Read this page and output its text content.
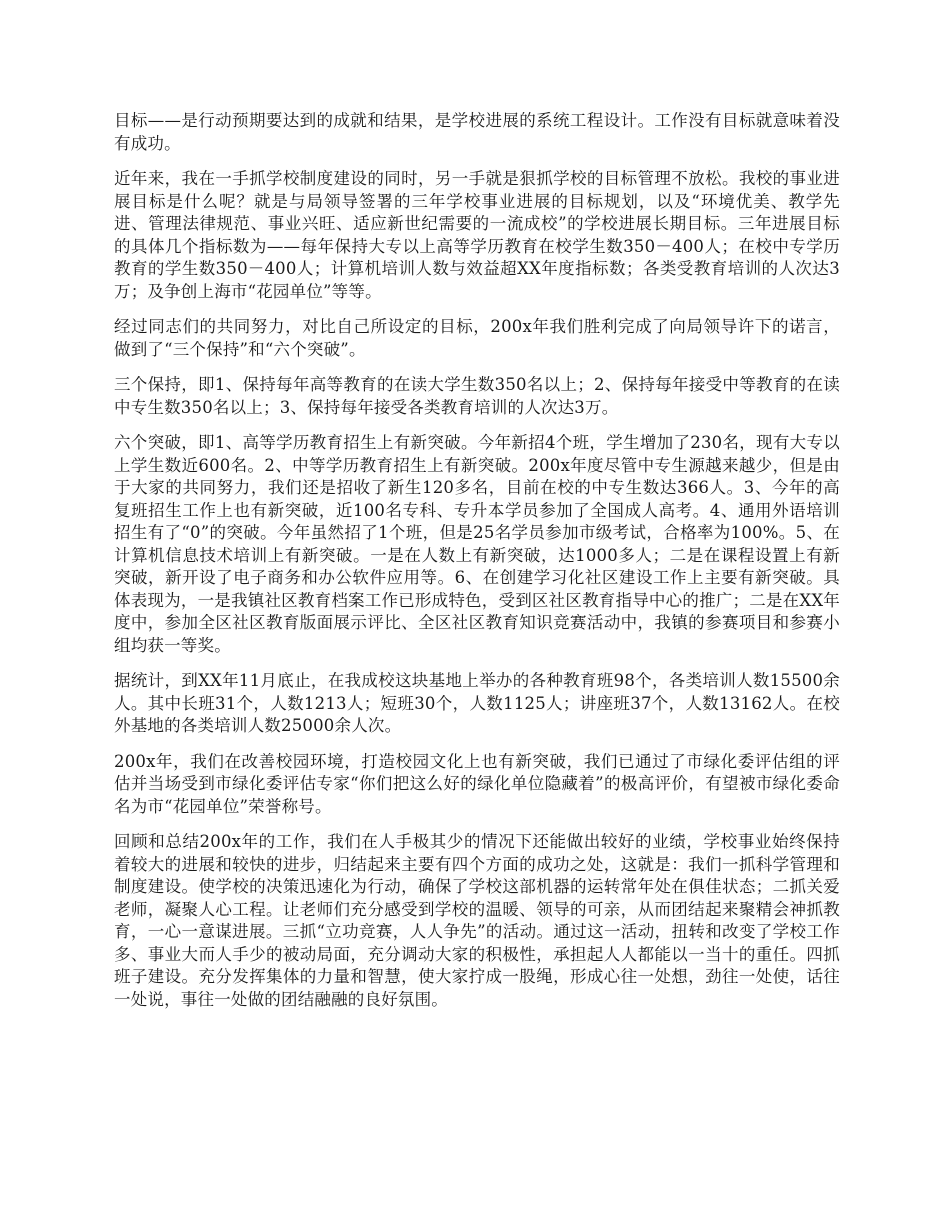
目标——是行动预期要达到的成就和结果，是学校进展的系统工程设计。工作没有目标就意味着没有成功。

近年来，我在一手抓学校制度建设的同时，另一手就是狠抓学校的目标管理不放松。我校的事业进展目标是什么呢？就是与局领导签署的三年学校事业进展的目标规划，以及“环境优美、教学先进、管理法律规范、事业兴旺、适应新世纪需要的一流成校”的学校进展长期目标。三年进展目标的具体几个指标数为——每年保持大专以上高等学历教育在校学生数350－400人；在校中专学历教育的学生数350－400人；计算机培训人数与效益超XX年度指标数；各类受教育培训的人次达3万；及争创上海市“花园单位”等等。

经过同志们的共同努力，对比自己所设定的目标，200x年我们胜利完成了向局领导许下的诺言，做到了“三个保持”和“六个突破”。

三个保持，即1、保持每年高等教育的在读大学生数350名以上；2、保持每年接受中等教育的在读中专生数350名以上；3、保持每年接受各类教育培训的人次达3万。

六个突破，即1、高等学历教育招生上有新突破。今年新招4个班，学生增加了230名，现有大专以上学生数近600名。2、中等学历教育招生上有新突破。200x年度尽管中专生源越来越少，但是由于大家的共同努力，我们还是招收了新生120多名，目前在校的中专生数达366人。3、今年的高复班招生工作上也有新突破，近100名专科、专升本学员参加了全国成人高考。4、通用外语培训招生有了“0”的突破。今年虽然招了1个班，但是25名学员参加市级考试，合格率为100%。5、在计算机信息技术培训上有新突破。一是在人数上有新突破，达1000多人；二是在课程设置上有新突破，新开设了电子商务和办公软件应用等。6、在创建学习化社区建设工作上主要有新突破。具体表现为，一是我镇社区教育档案工作已形成特色，受到区社区教育指导中心的推广；二是在XX年度中，参加全区社区教育版面展示评比、全区社区教育知识竞赛活动中，我镇的参赛项目和参赛小组均获一等奖。

据统计，到XX年11月底止，在我成校这块基地上举办的各种教育班98个，各类培训人数15500余人。其中长班31个，人数1213人；短班30个，人数1125人；讲座班37个，人数13162人。在校外基地的各类培训人数25000余人次。

200x年，我们在改善校园环境，打造校园文化上也有新突破，我们已通过了市绿化委评估组的评估并当场受到市绿化委评估专家“你们把这么好的绿化单位隐藏着”的极高评价，有望被市绿化委命名为市“花园单位”荣誉称号。

回顾和总结200x年的工作，我们在人手极其少的情况下还能做出较好的业绩，学校事业始终保持着较大的进展和较快的进步，归结起来主要有四个方面的成功之处，这就是：我们一抓科学管理和制度建设。使学校的决策迅速化为行动，确保了学校这部机器的运转常年处在俱佳状态；二抓关爱老师，凝聚人心工程。让老师们充分感受到学校的温暖、领导的可亲，从而团结起来聚精会神抓教育，一心一意谋进展。三抓“立功竞赛，人人争先”的活动。通过这一活动，扭转和改变了学校工作多、事业大而人手少的被动局面，充分调动大家的积极性，承担起人人都能以一当十的重任。四抓班子建设。充分发挥集体的力量和智慧，使大家拧成一股绳，形成心往一处想，劲往一处使，话往一处说，事往一处做的团结融融的良好氛围。
